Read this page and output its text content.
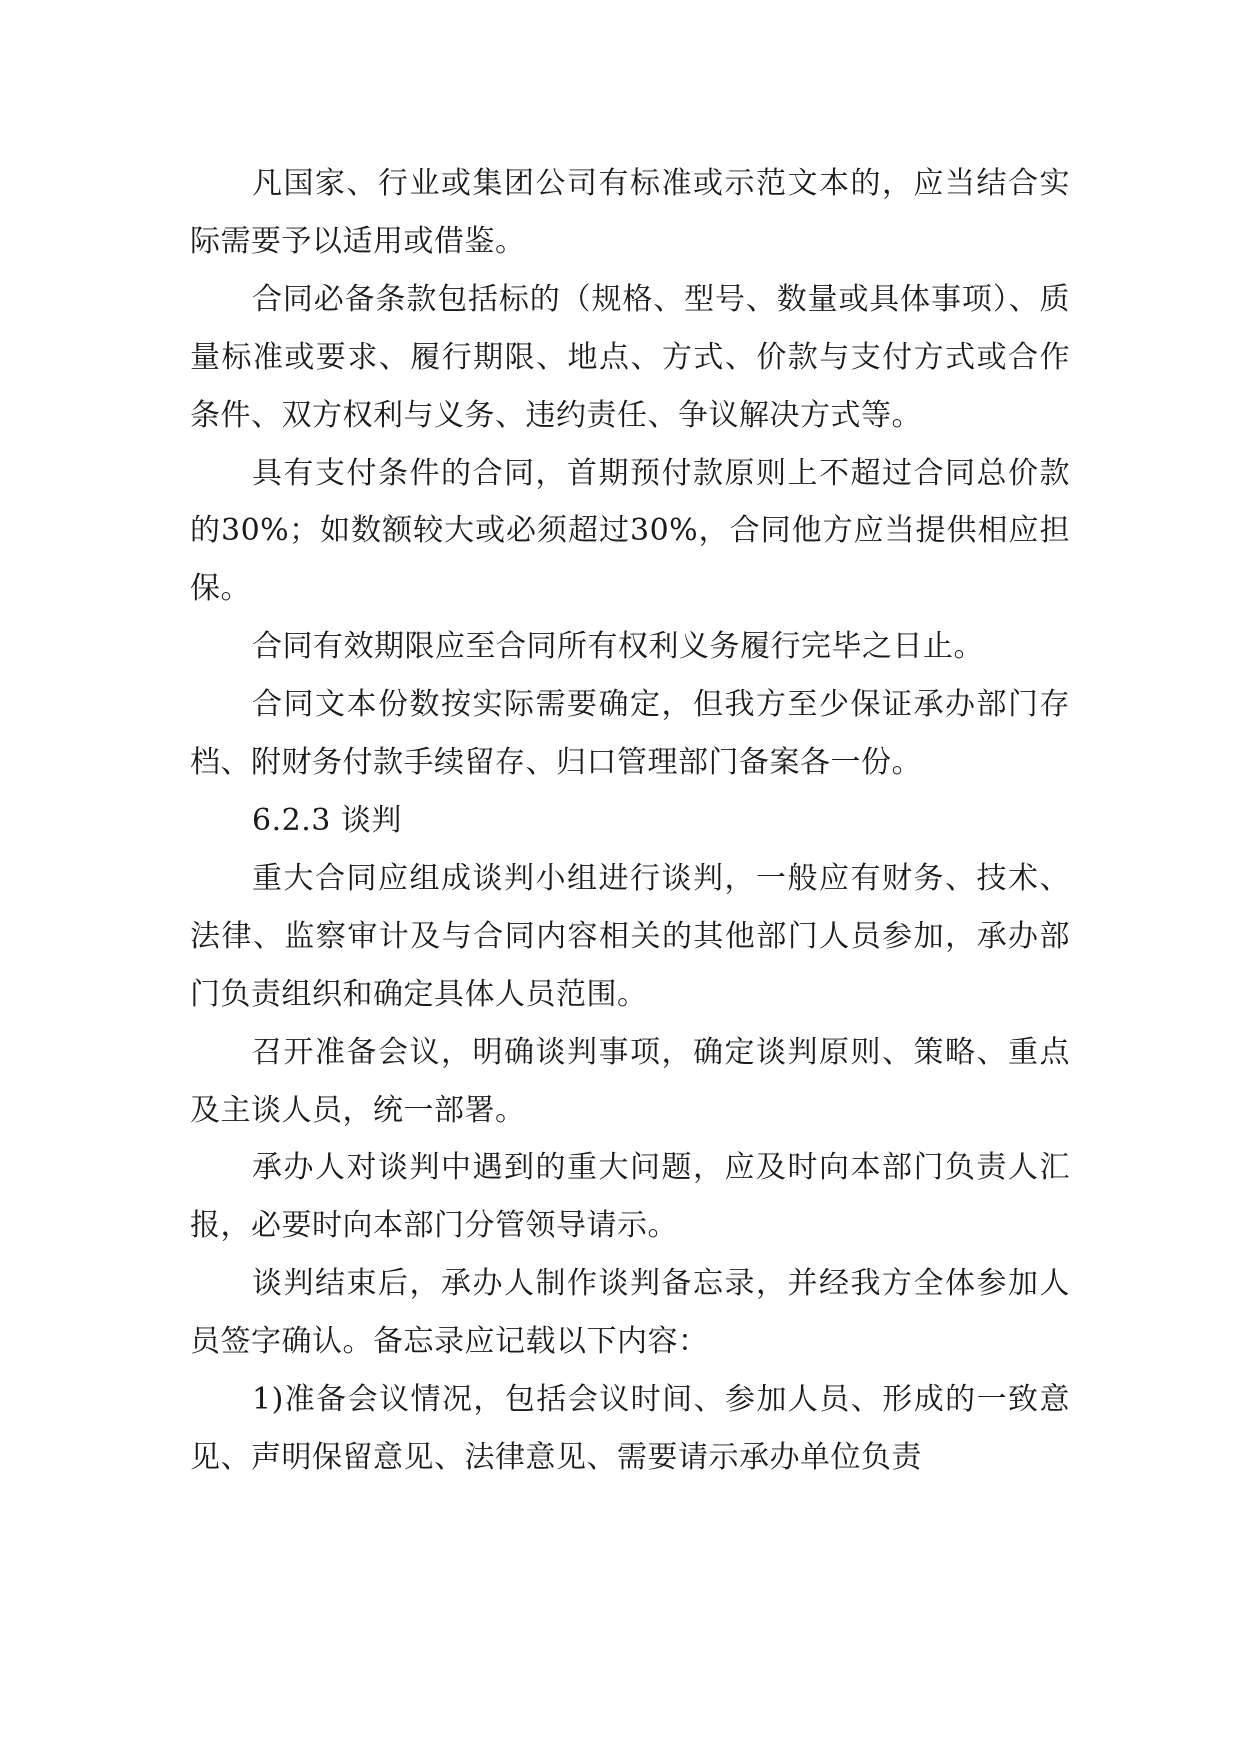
凡国家、行业或集团公司有标准或示范文本的，应当结合实际需要予以适用或借鉴。

合同必备条款包括标的（规格、型号、数量或具体事项）、质量标准或要求、履行期限、地点、方式、价款与支付方式或合作条件、双方权利与义务、违约责任、争议解决方式等。

具有支付条件的合同，首期预付款原则上不超过合同总价款的30%；如数额较大或必须超过30%，合同他方应当提供相应担保。

合同有效期限应至合同所有权利义务履行完毕之日止。

合同文本份数按实际需要确定，但我方至少保证承办部门存档、附财务付款手续留存、归口管理部门备案各一份。

6.2.3 谈判

重大合同应组成谈判小组进行谈判，一般应有财务、技术、法律、监察审计及与合同内容相关的其他部门人员参加，承办部门负责组织和确定具体人员范围。

召开准备会议，明确谈判事项，确定谈判原则、策略、重点及主谈人员，统一部署。

承办人对谈判中遇到的重大问题，应及时向本部门负责人汇报，必要时向本部门分管领导请示。

谈判结束后，承办人制作谈判备忘录，并经我方全体参加人员签字确认。备忘录应记载以下内容：

1)准备会议情况，包括会议时间、参加人员、形成的一致意见、声明保留意见、法律意见、需要请示承办单位负责
